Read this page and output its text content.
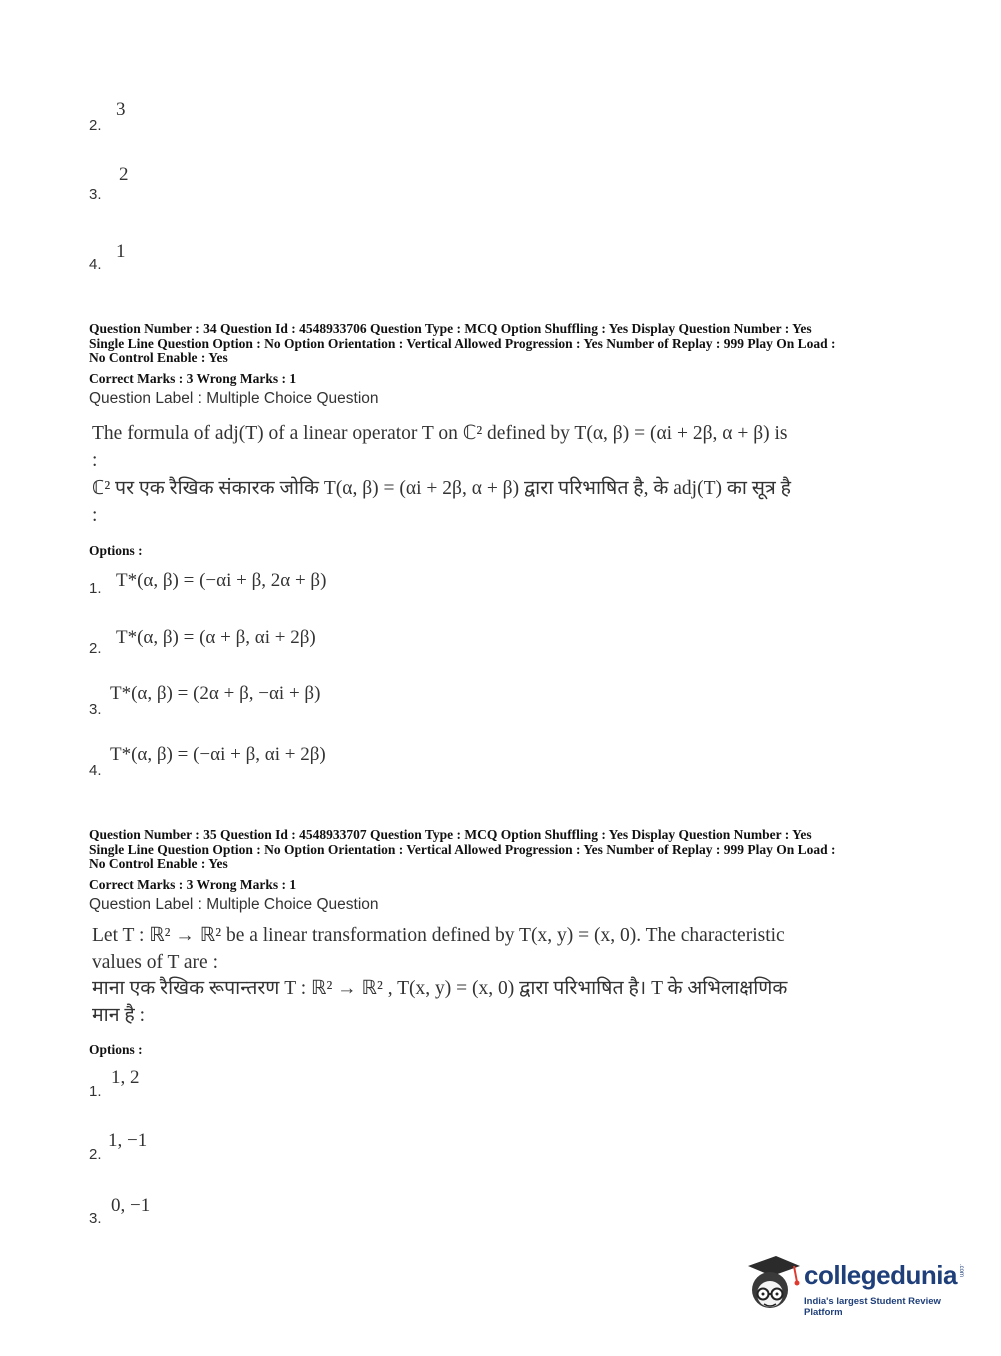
2.
3
3.
2
4.
1
Question Number : 34 Question Id : 4548933706 Question Type : MCQ Option Shuffling : Yes Display Question Number : Yes
Single Line Question Option : No Option Orientation : Vertical Allowed Progression : Yes Number of Replay : 999 Play On Load :
No Control Enable : Yes
Correct Marks : 3 Wrong Marks : 1
Question Label : Multiple Choice Question
The formula of adj(T) of a linear operator T on ℂ² defined by T(α, β) = (αi + 2β, α + β) is :
ℂ² पर एक रैखिक संकारक जोकि T(α, β) = (αi + 2β, α + β) द्वारा परिभाषित है, के adj(T) का सूत्र है :
Options :
1. T*(α, β) = (−αi + β, 2α + β)
2.
T*(α, β) = (α + β, αi + 2β)
3.
T*(α, β) = (2α + β, −αi + β)
4.
T*(α, β) = (−αi + β, αi + 2β)
Question Number : 35 Question Id : 4548933707 Question Type : MCQ Option Shuffling : Yes Display Question Number : Yes
Single Line Question Option : No Option Orientation : Vertical Allowed Progression : Yes Number of Replay : 999 Play On Load :
No Control Enable : Yes
Correct Marks : 3 Wrong Marks : 1
Question Label : Multiple Choice Question
Let T : ℝ² → ℝ² be a linear transformation defined by T(x, y) = (x, 0). The characteristic values of T are :
माना एक रैखिक रूपान्तरण T : ℝ² → ℝ² , T(x, y) = (x, 0) द्वारा परिभाषित है। T के अभिलाक्षणिक मान है :
Options :
1.
1, 2
2.
1, −1
3.
0, −1
collegedunia .com
India's largest Student Review Platform
